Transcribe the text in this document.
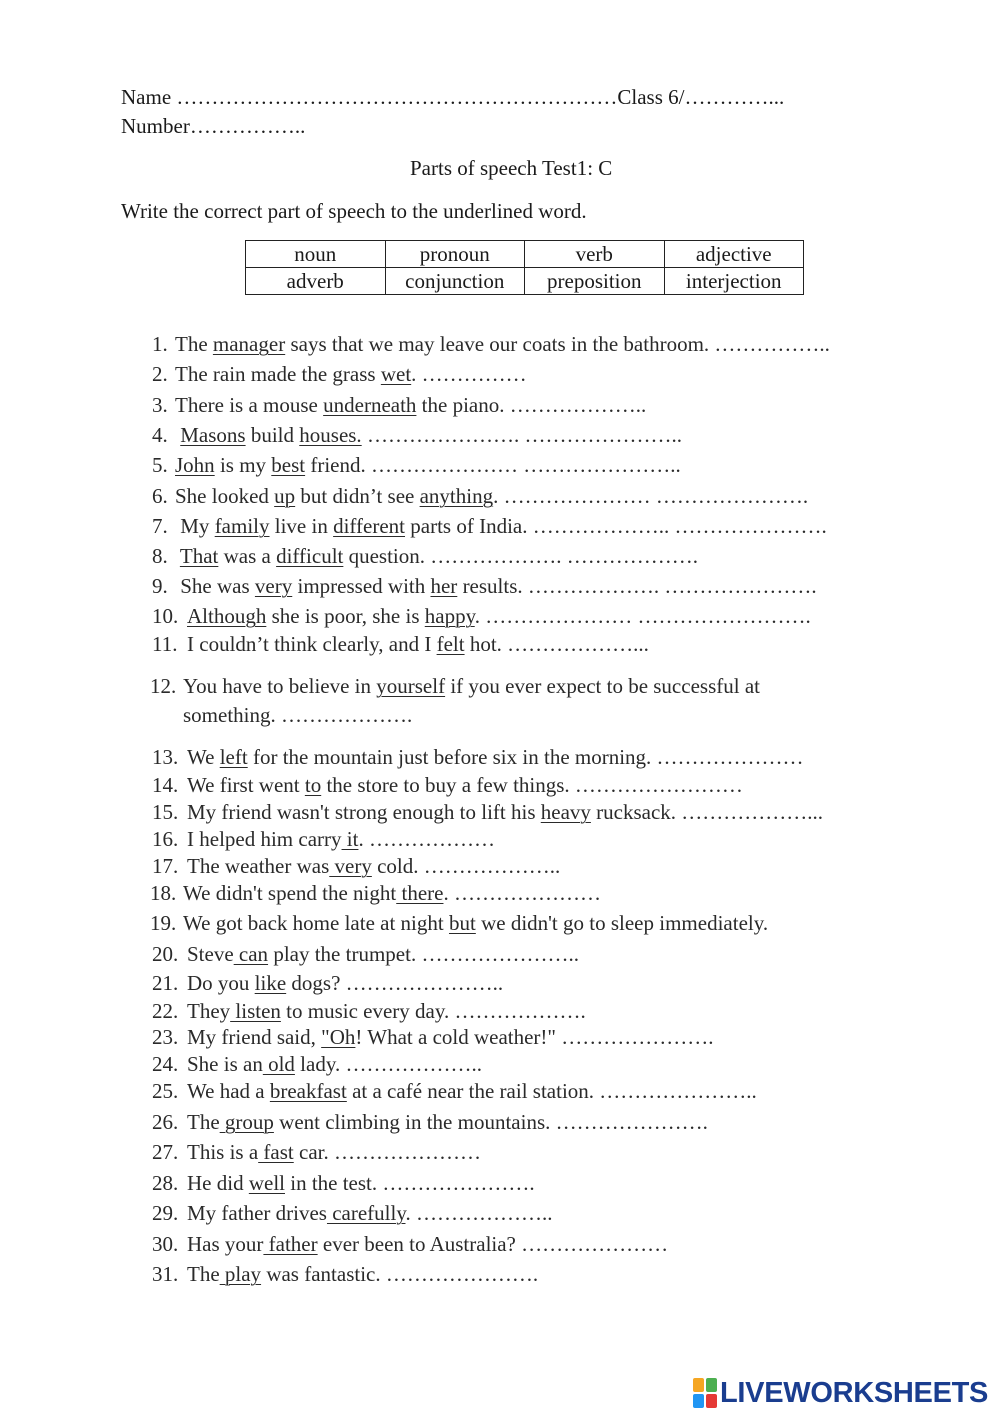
Name ………………………………………………………Class 6/…………...
Number……………..
Parts of speech Test1: C
Write the correct part of speech to the underlined word.
noun	pronoun	verb	adjective
adverb	conjunction	preposition	interjection
1. The manager says that we may leave our coats in the bathroom. ……………..
2. The rain made the grass wet. ……………
3. There is a mouse underneath the piano. ………………..
4. Masons build houses. …………………. …………………..
5. John is my best friend. ………………… …………………..
6. She looked up but didn’t see anything. ………………… ………………….
7. My family live in different parts of India. ……………….. ………………….
8. That was a difficult question. ………………. ……………….
9. She was very impressed with her results. ………………. ………………….
10. Although she is poor, she is happy. ………………… …………………….
11. I couldn’t think clearly, and I felt hot. ………………...
12. You have to believe in yourself if you ever expect to be successful at
something. ……………….
13. We left for the mountain just before six in the morning. …………………
14. We first went to the store to buy a few things. ……………………
15. My friend wasn't strong enough to lift his heavy rucksack. ………………...
16. I helped him carry it. ………………
17. The weather was very cold. ………………..
18. We didn't spend the night there. …………………
19. We got back home late at night but we didn't go to sleep immediately.
20. Steve can play the trumpet. …………………..
21. Do you like dogs? …………………..
22. They listen to music every day. ……………….
23. My friend said, "Oh! What a cold weather!" ………………….
24. She is an old lady. ………………..
25. We had a breakfast at a café near the rail station. …………………..
26. The group went climbing in the mountains. ………………….
27. This is a fast car. …………………
28. He did well in the test. ………………….
29. My father drives carefully. ………………..
30. Has your father ever been to Australia? …………………
31. The play was fantastic. ………………….
LIVEWORKSHEETS
